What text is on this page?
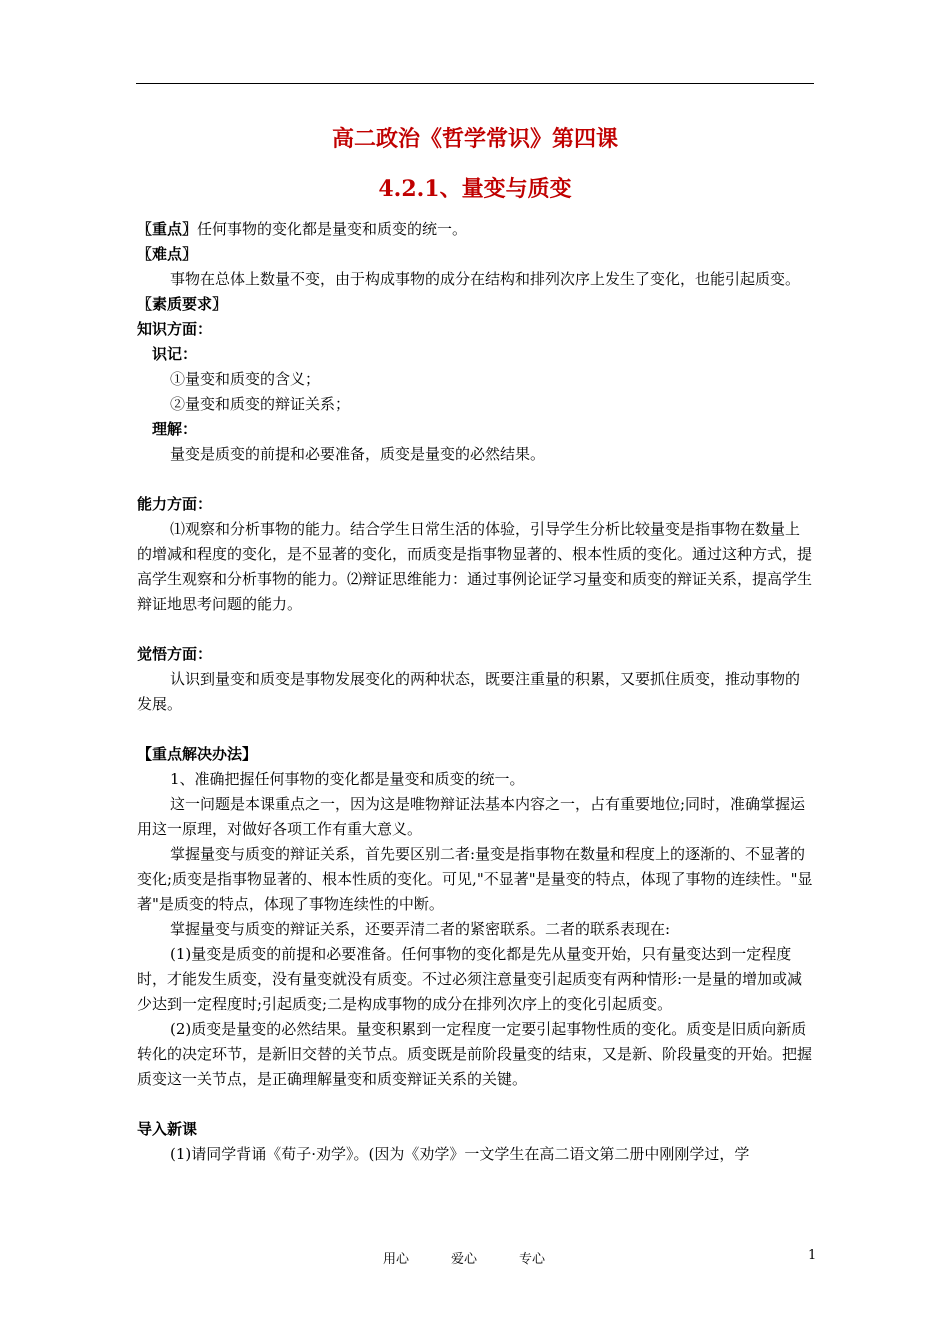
高二政治《哲学常识》第四课
4.2.1、量变与质变

〖重点〗任何事物的变化都是量变和质变的统一。

〖难点〗

事物在总体上数量不变，由于构成事物的成分在结构和排列次序上发生了变化，也能引起质变。

〖素质要求〗

知识方面：

识记：

①量变和质变的含义；

②量变和质变的辩证关系；

理解：

量变是质变的前提和必要准备，质变是量变的必然结果。

能力方面：

⑴观察和分析事物的能力。结合学生日常生活的体验，引导学生分析比较量变是指事物在数量上的增减和程度的变化，是不显著的变化，而质变是指事物显著的、根本性质的变化。通过这种方式，提高学生观察和分析事物的能力。⑵辩证思维能力：通过事例论证学习量变和质变的辩证关系，提高学生辩证地思考问题的能力。

觉悟方面：

认识到量变和质变是事物发展变化的两种状态，既要注重量的积累，又要抓住质变，推动事物的发展。

【重点解决办法】

1、准确把握任何事物的变化都是量变和质变的统一。

这一问题是本课重点之一，因为这是唯物辩证法基本内容之一，占有重要地位;同时，准确掌握运用这一原理，对做好各项工作有重大意义。

掌握量变与质变的辩证关系，首先要区别二者:量变是指事物在数量和程度上的逐渐的、不显著的变化;质变是指事物显著的、根本性质的变化。可见,"不显著"是量变的特点，体现了事物的连续性。"显著"是质变的特点，体现了事物连续性的中断。

掌握量变与质变的辩证关系，还要弄清二者的紧密联系。二者的联系表现在:

(1)量变是质变的前提和必要准备。任何事物的变化都是先从量变开始，只有量变达到一定程度时，才能发生质变，没有量变就没有质变。不过必须注意量变引起质变有两种情形:一是量的增加或减少达到一定程度时;引起质变;二是构成事物的成分在排列次序上的变化引起质变。

(2)质变是量变的必然结果。量变积累到一定程度一定要引起事物性质的变化。质变是旧质向新质转化的决定环节，是新旧交替的关节点。质变既是前阶段量变的结束，又是新、阶段量变的开始。把握质变这一关节点，是正确理解量变和质变辩证关系的关键。

导入新课

(1)请同学背诵《荀子·劝学》。(因为《劝学》一文学生在高二语文第二册中刚刚学过，学

用心	爱心	专心	1
